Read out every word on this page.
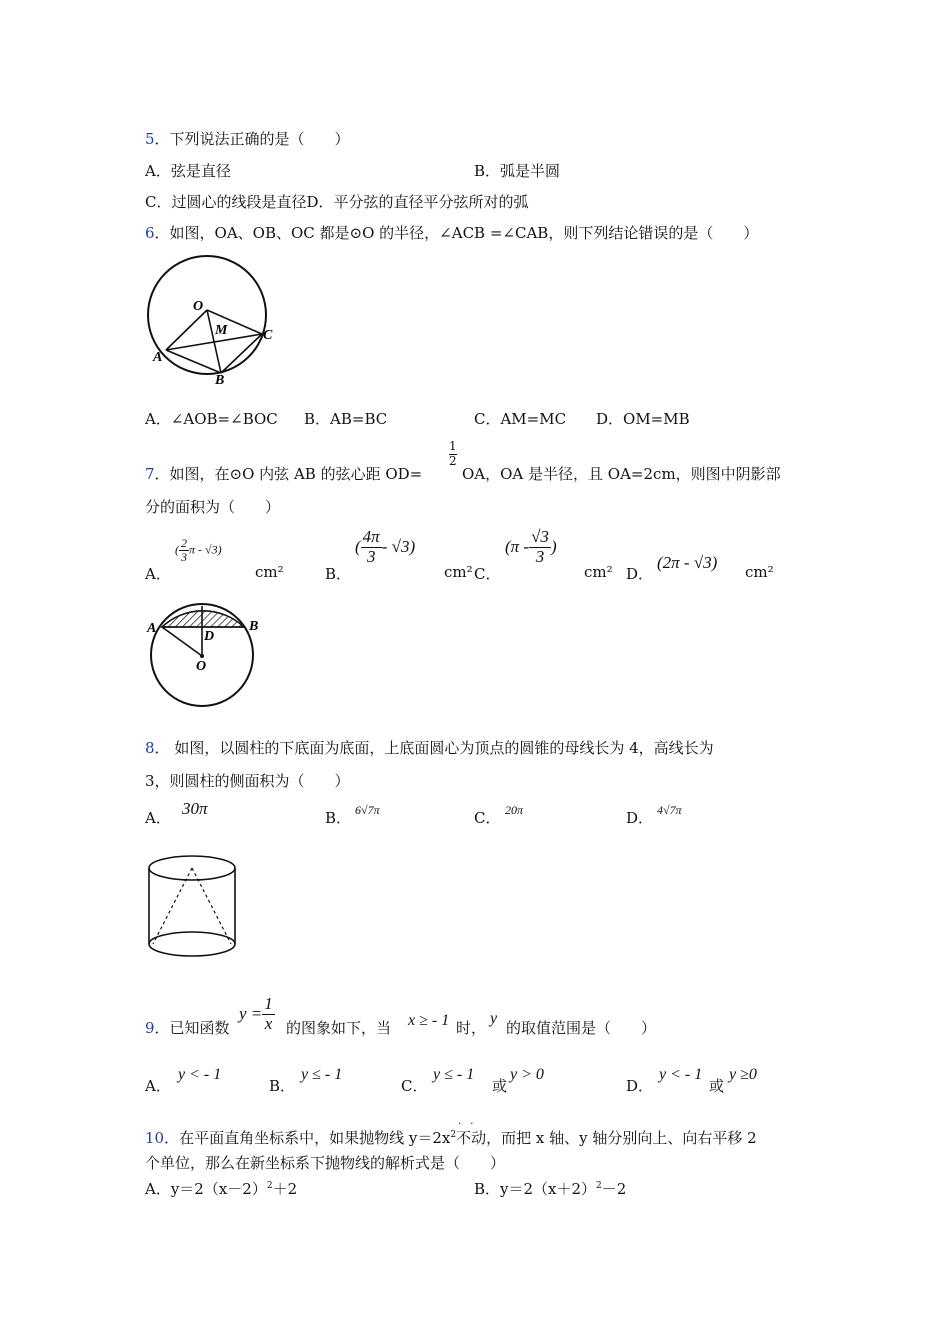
5．下列说法正确的是（　　）
A．弦是直径	B．弧是半圆
C．过圆心的线段是直径D．平分弦的直径平分弦所对的弧
6．如图，OA、OB、OC 都是⊙O 的半径，∠ACB =∠CAB，则下列结论错误的是（　　）
O
M	C
A
B
A．∠AOB=∠BOC B．AB=BC	C．AM=MC D．OM=MB
7．如图，在⊙O 内弦 AB 的弦心距 OD=
1
2
OA，OA 是半径，且 OA=2cm，则图中阴影部
分的面积为（　　）
A．
( $\frac{2}{3}$ π - √3)
cm²	B．
( $\frac{4\pi}{3} - √3$)
cm² C．
($\pi - \frac{√3}{3}$ )
cm² D．
(2π - √3) cm²
A
D
B
O
8． 如图，以圆柱的下底面为底面，上底面圆心为顶点的圆锥的母线长为 4，高线长为
3，则圆柱的侧面积为（　　）
A． 30π	B． 6√7π	C． 20π	D． 4√7π
9．已知函数
$y = \frac{1}{x}$ 的图象如下，当 x ≥ - 1 时，
y
的取值范围是（　　）
A．
y < - 1
B．
y ≤ - 1
C．
y ≤ - 1
或
y > 0
D．
y < - 1
或
y ≥0
10．在平面直角坐标系中，如果抛物线 $y=2x^2$不动
··
，而把 x 轴、y 轴分别向上、向右平移 2
个单位，那么在新坐标系下抛物线的解析式是（　　）
A．$y=2(x-2)^2+2$	B．$y=2(x+2)^2-2$
